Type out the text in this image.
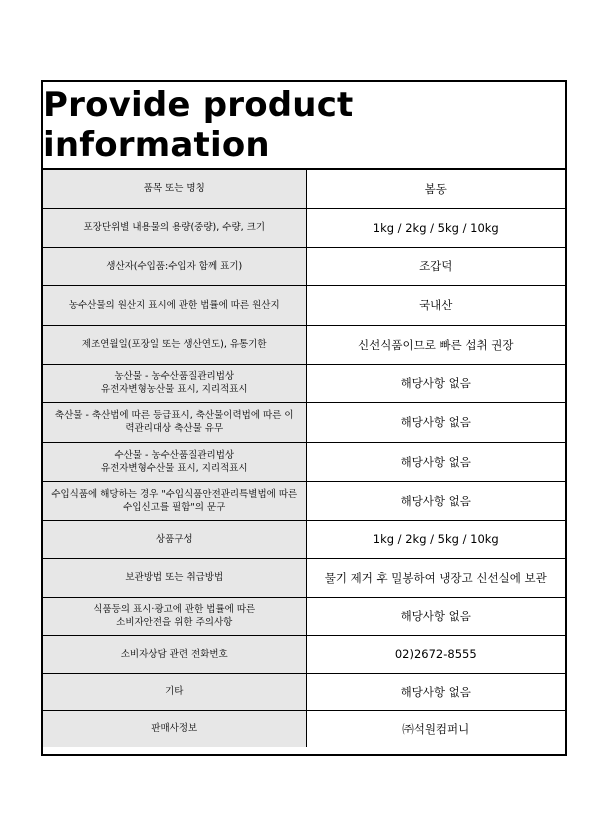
Provide product information
품목 또는 명칭	봄동
포장단위별 내용물의 용량(중량), 수량, 크기	1kg / 2kg / 5kg / 10kg
생산자(수입품:수입자 함께 표기)	조갑덕
농수산물의 원산지 표시에 관한 법률에 따른 원산지	국내산
제조연월일(포장일 또는 생산연도), 유통기한	신선식품이므로 빠른 섭취 권장
농산물 - 농수산품질관리법상
유전자변형농산물 표시, 지리적표시	해당사항 없음
축산물 - 축산법에 따른 등급표시, 축산물이력법에 따른 이
력관리대상 축산물 유무	해당사항 없음
수산물 - 농수산품질관리법상
유전자변형수산물 표시, 지리적표시	해당사항 없음
수입식품에 해당하는 경우 "수입식품안전관리특별법에 따른
수입신고를 필함"의 문구	해당사항 없음
상품구성	1kg / 2kg / 5kg / 10kg
보관방법 또는 취급방법	물기 제거 후 밀봉하여 냉장고 신선실에 보관
식품등의 표시·광고에 관한 법률에 따른
소비자안전을 위한 주의사항	해당사항 없음
소비자상담 관련 전화번호	02)2672-8555
기타	해당사항 없음
판매사정보	㈜석원컴퍼니
